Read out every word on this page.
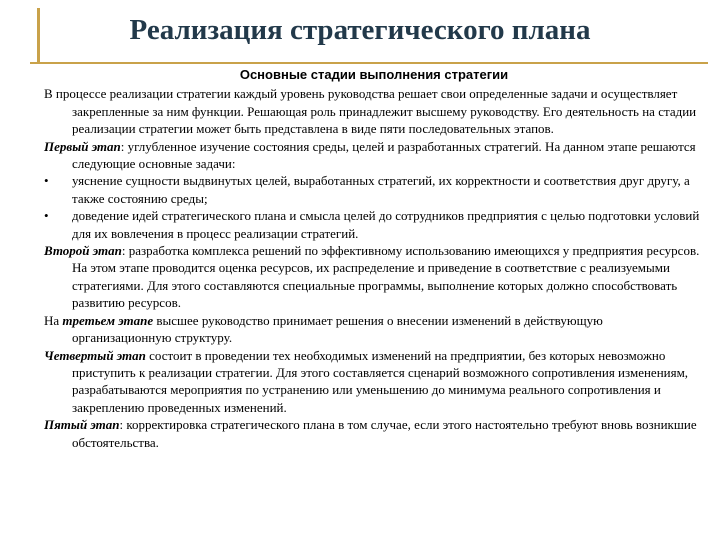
Реализация стратегического плана
Основные стадии выполнения стратегии

В процессе реализации стратегии каждый уровень руководства решает свои определенные задачи и осуществляет закрепленные за ним функции. Решающая роль принадлежит высшему руководству. Его деятельность на стадии реализации стратегии может быть представлена в виде пяти последовательных этапов.

Первый этап: углубленное изучение состояния среды, целей и разработанных стратегий. На данном этапе решаются следующие основные задачи:

•	уяснение сущности выдвинутых целей, выработанных стратегий, их корректности и соответствия друг другу, а также состоянию среды;
•	доведение идей стратегического плана и смысла целей до сотрудников предприятия с целью подготовки условий для их вовлечения в процесс реализации стратегий.

Второй этап: разработка комплекса решений по эффективному использованию имеющихся у предприятия ресурсов. На этом этапе проводится оценка ресурсов, их распределение и приведение в соответствие с реализуемыми стратегиями. Для этого составляются специальные программы, выполнение которых должно способствовать развитию ресурсов.

На третьем этапе высшее руководство принимает решения о внесении изменений в действующую организационную структуру.

Четвертый этап состоит в проведении тех необходимых изменений на предприятии, без которых невозможно приступить к реализации стратегии. Для этого составляется сценарий возможного сопротивления изменениям, разрабатываются мероприятия по устранению или уменьшению до минимума реального сопротивления и закреплению проведенных изменений.

Пятый этап: корректировка стратегического плана в том случае, если этого настоятельно требуют вновь возникшие обстоятельства.
